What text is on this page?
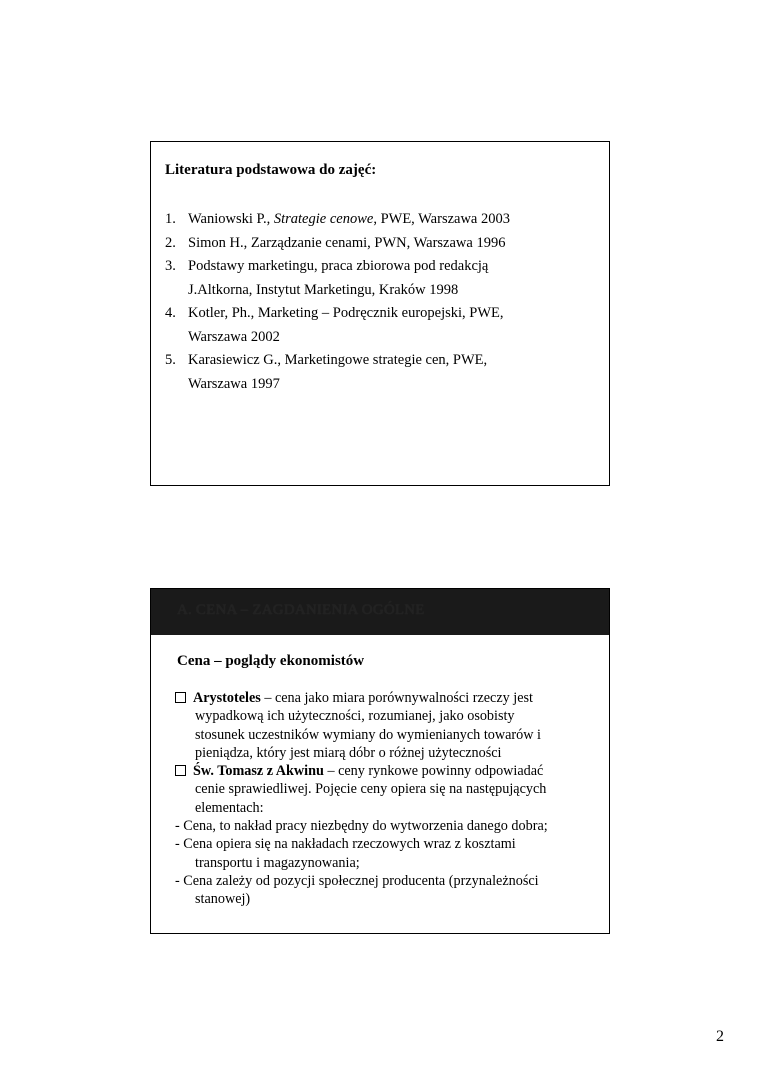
Literatura podstawowa do zajęć:
1. Waniowski P., Strategie cenowe, PWE, Warszawa 2003
2. Simon H., Zarządzanie cenami, PWN, Warszawa 1996
3. Podstawy marketingu, praca zbiorowa pod redakcją
J.Altkorna, Instytut Marketingu, Kraków 1998
4. Kotler, Ph., Marketing – Podręcznik europejski, PWE,
Warszawa 2002
5. Karasiewicz G., Marketingowe strategie cen, PWE,
Warszawa 1997
A. CENA – ZAGDANIENIA OGÓLNE
Cena – poglądy ekonomistów
Arystoteles – cena jako miara porównywalności rzeczy jest
wypadkową ich użyteczności, rozumianej, jako osobisty
stosunek uczestników wymiany do wymienianych towarów i
pieniądza, który jest miarą dóbr o różnej użyteczności
Św. Tomasz z Akwinu – ceny rynkowe powinny odpowiadać
cenie sprawiedliwej. Pojęcie ceny opiera się na następujących
elementach:
- Cena, to nakład pracy niezbędny do wytworzenia danego dobra;
- Cena opiera się na nakładach rzeczowych wraz z kosztami
transportu i magazynowania;
- Cena zależy od pozycji społecznej producenta (przynależności
stanowej)
2
